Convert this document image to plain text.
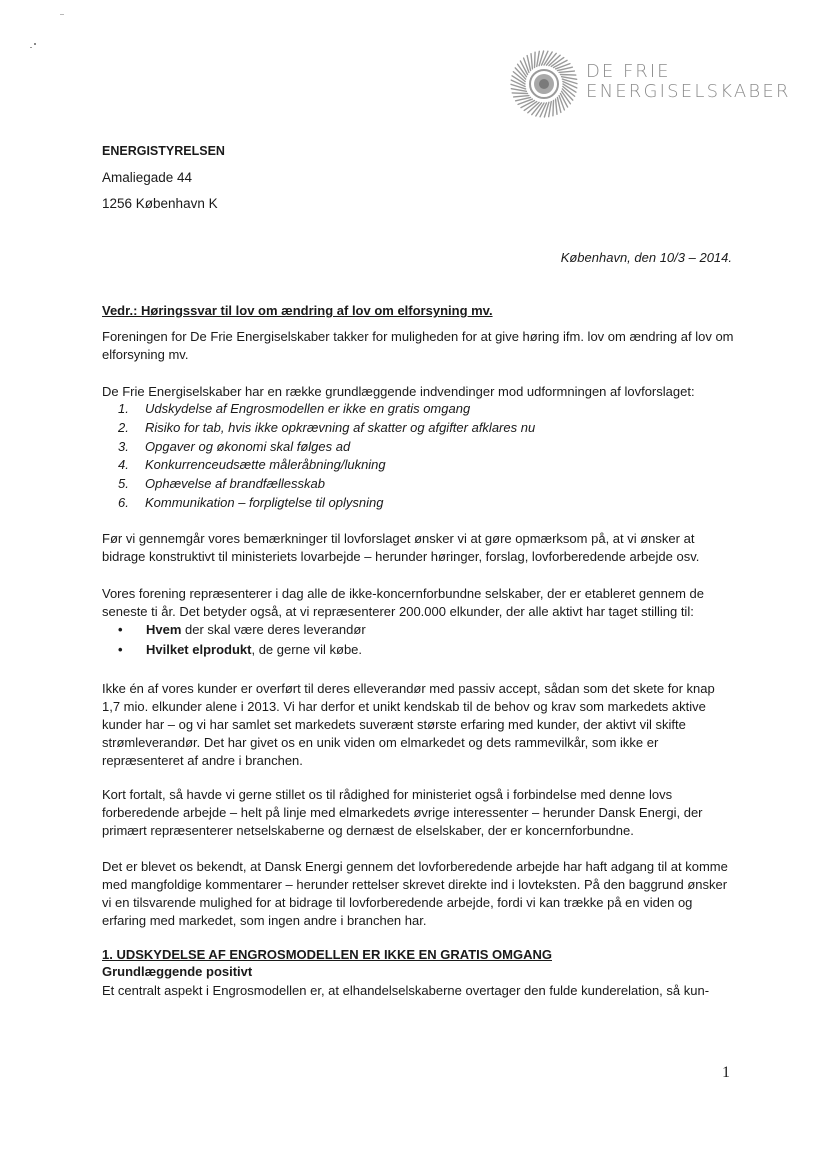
DE FRIE
ENERGISELSKABER
ENERGISTYRELSEN
Amaliegade 44
1256 København K
København, den 10/3 – 2014.
Vedr.: Høringssvar til lov om ændring af lov om elforsyning mv.
Foreningen for De Frie Energiselskaber takker for muligheden for at give høring ifm. lov om ændring af lov om elforsyning mv.
De Frie Energiselskaber har en række grundlæggende indvendinger mod udformningen af lovforslaget:
1. Udskydelse af Engrosmodellen er ikke en gratis omgang
2. Risiko for tab, hvis ikke opkrævning af skatter og afgifter afklares nu
3. Opgaver og økonomi skal følges ad
4. Konkurrenceudsætte måleråbning/lukning
5. Ophævelse af brandfællesskab
6. Kommunikation – forpligtelse til oplysning
Før vi gennemgår vores bemærkninger til lovforslaget ønsker vi at gøre opmærksom på, at vi ønsker at bidrage konstruktivt til ministeriets lovarbejde – herunder høringer, forslag, lovforberedende arbejde osv.
Vores forening repræsenterer i dag alle de ikke-koncernforbundne selskaber, der er etableret gennem de seneste ti år. Det betyder også, at vi repræsenterer 200.000 elkunder, der alle aktivt har taget stilling til:
• Hvem der skal være deres leverandør
• Hvilket elprodukt, de gerne vil købe.
Ikke én af vores kunder er overført til deres elleverandør med passiv accept, sådan som det skete for knap 1,7 mio. elkunder alene i 2013. Vi har derfor et unikt kendskab til de behov og krav som markedets aktive kunder har – og vi har samlet set markedets suverænt største erfaring med kunder, der aktivt vil skifte strømleverandør. Det har givet os en unik viden om elmarkedet og dets rammevilkår, som ikke er repræsenteret af andre i branchen.
Kort fortalt, så havde vi gerne stillet os til rådighed for ministeriet også i forbindelse med denne lovs forberedende arbejde – helt på linje med elmarkedets øvrige interessenter – herunder Dansk Energi, der primært repræsenterer netselskaberne og dernæst de elselskaber, der er koncernforbundne.
Det er blevet os bekendt, at Dansk Energi gennem det lovforberedende arbejde har haft adgang til at komme med mangfoldige kommentarer – herunder rettelser skrevet direkte ind i lovteksten. På den baggrund ønsker vi en tilsvarende mulighed for at bidrage til lovforberedende arbejde, fordi vi kan trække på en viden og erfaring med markedet, som ingen andre i branchen har.
1. UDSKYDELSE AF ENGROSMODELLEN ER IKKE EN GRATIS OMGANG
Grundlæggende positivt
Et centralt aspekt i Engrosmodellen er, at elhandelselskaberne overtager den fulde kunderelation, så kun-
1
